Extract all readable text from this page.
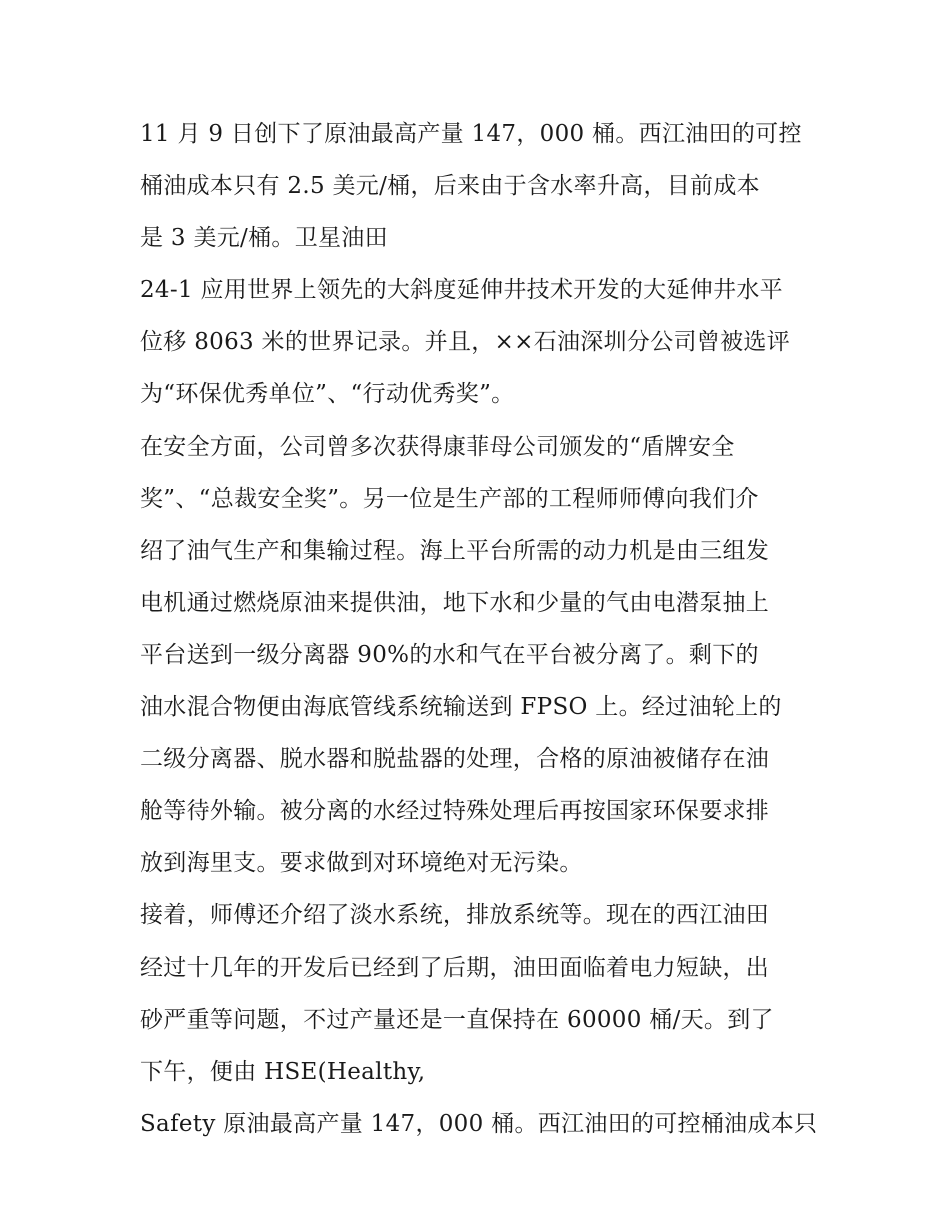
11 月 9 日创下了原油最高产量 147，000 桶。西江油田的可控
桶油成本只有 2.5 美元/桶，后来由于含水率升高，目前成本
是 3 美元/桶。卫星油田
24-1 应用世界上领先的大斜度延伸井技术开发的大延伸井水平
位移 8063 米的世界记录。并且，××石油深圳分公司曾被选评
为“环保优秀单位”、“行动优秀奖”。
在安全方面，公司曾多次获得康菲母公司颁发的“盾牌安全
奖”、“总裁安全奖”。另一位是生产部的工程师师傅向我们介
绍了油气生产和集输过程。海上平台所需的动力机是由三组发
电机通过燃烧原油来提供油，地下水和少量的气由电潜泵抽上
平台送到一级分离器 90%的水和气在平台被分离了。剩下的
油水混合物便由海底管线系统输送到 FPSO 上。经过油轮上的
二级分离器、脱水器和脱盐器的处理，合格的原油被储存在油
舱等待外输。被分离的水经过特殊处理后再按国家环保要求排
放到海里支。要求做到对环境绝对无污染。
接着，师傅还介绍了淡水系统，排放系统等。现在的西江油田
经过十几年的开发后已经到了后期，油田面临着电力短缺，出
砂严重等问题，不过产量还是一直保持在 60000 桶/天。到了
下午，便由 HSE(Healthy,
Safety 原油最高产量 147，000 桶。西江油田的可控桶油成本只
